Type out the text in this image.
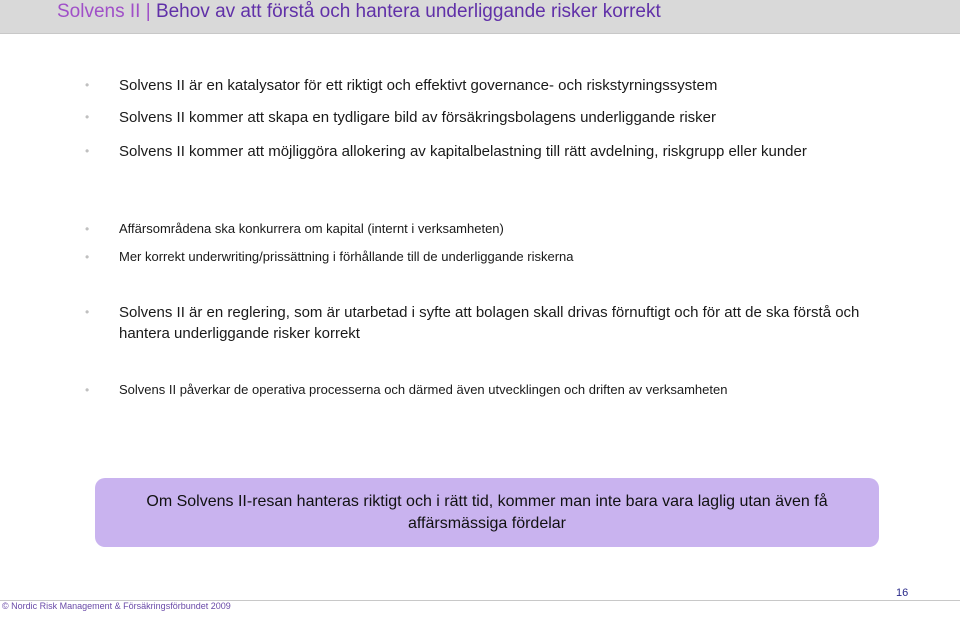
Solvens II | Behov av att förstå och hantera underliggande risker korrekt
•	Solvens II är en katalysator för ett riktigt och effektivt governance- och riskstyrningssystem
•	Solvens II kommer att skapa en tydligare bild av försäkringsbolagens underliggande risker
•	Solvens II kommer att möjliggöra allokering av kapitalbelastning till rätt avdelning, riskgrupp eller kunder
•	Affärsområdena ska konkurrera om kapital (internt i verksamheten)
•	Mer korrekt underwriting/prissättning i förhållande till de underliggande riskerna
•	Solvens II är en reglering, som är utarbetad i syfte att bolagen skall drivas förnuftigt och för att de ska förstå och hantera underliggande risker korrekt
•	Solvens II påverkar de operativa processerna och därmed även utvecklingen och driften av verksamheten
Om Solvens II-resan hanteras riktigt och i rätt tid, kommer man inte bara vara laglig utan även få affärsmässiga fördelar
16
© Nordic Risk Management & Försäkringsförbundet 2009
